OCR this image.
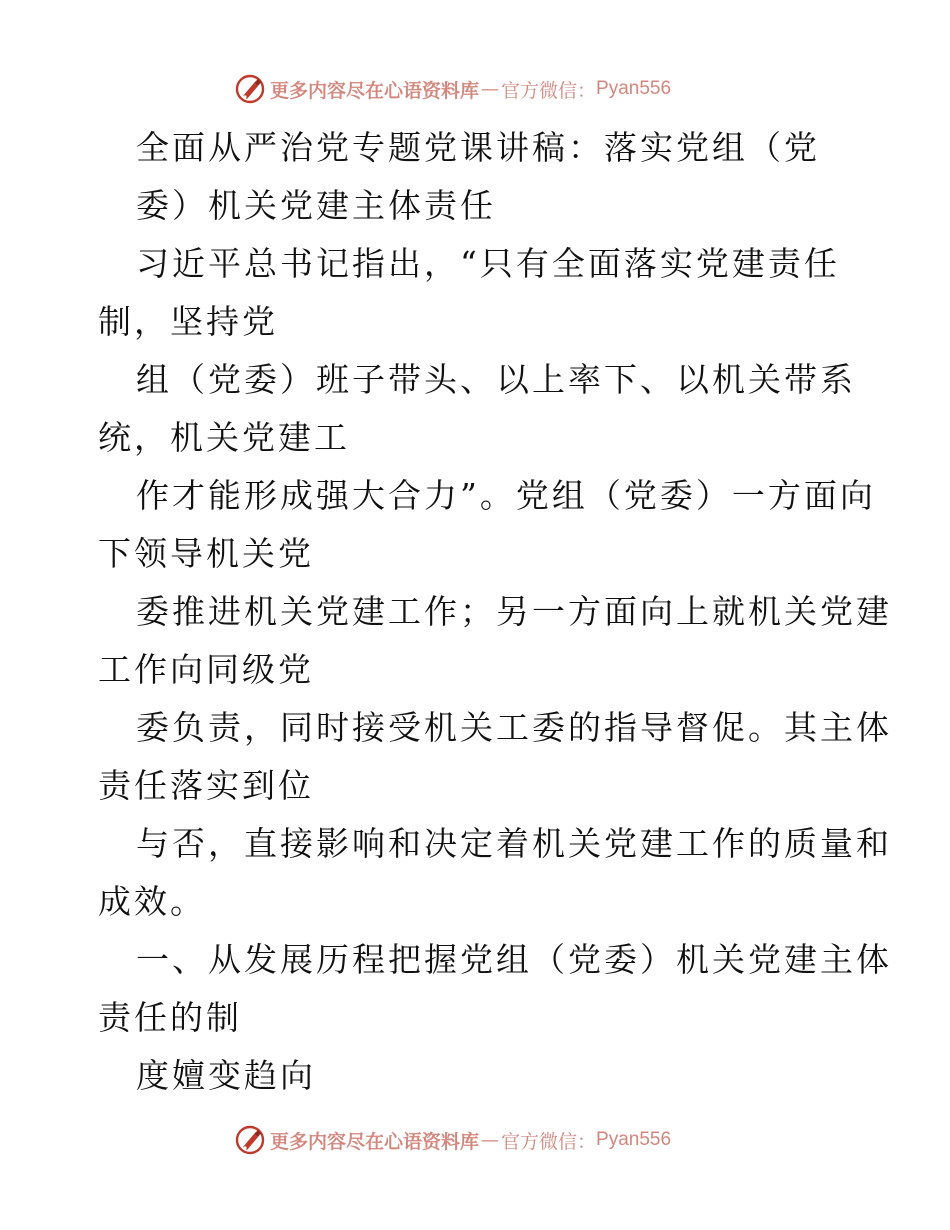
更多内容尽在心语资料库 — 官方微信： Pyan556
全面从严治党专题党课讲稿：落实党组（党
委）机关党建主体责任
习近平总书记指出，“只有全面落实党建责任
制，坚持党
组（党委）班子带头、以上率下、以机关带系
统，机关党建工
作才能形成强大合力”。党组（党委）一方面向
下领导机关党
委推进机关党建工作；另一方面向上就机关党建
工作向同级党
委负责，同时接受机关工委的指导督促。其主体
责任落实到位
与否，直接影响和决定着机关党建工作的质量和
成效。
一、从发展历程把握党组（党委）机关党建主体
责任的制
度嬗变趋向
更多内容尽在心语资料库 — 官方微信： Pyan556
